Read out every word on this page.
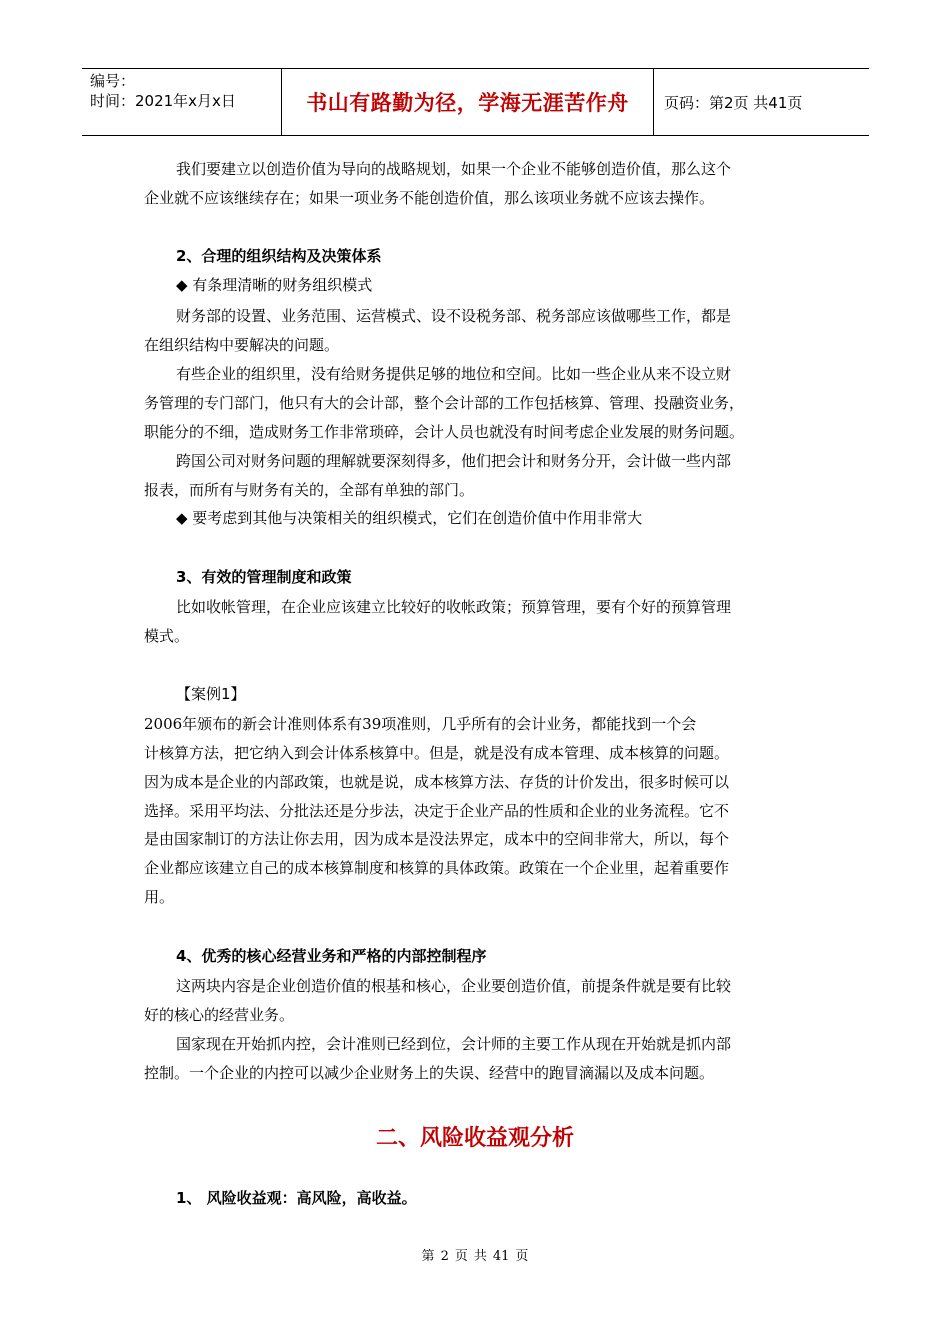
编号：
时间：2021年x月x日	书山有路勤为径，学海无涯苦作舟 页码：第2页 共41页
我们要建立以创造价值为导向的战略规划，如果一个企业不能够创造价值，那么这个
企业就不应该继续存在；如果一项业务不能创造价值，那么该项业务就不应该去操作。
2、合理的组织结构及决策体系
◆ 有条理清晰的财务组织模式
财务部的设置、业务范围、运营模式、设不设税务部、税务部应该做哪些工作，都是
在组织结构中要解决的问题。
有些企业的组织里，没有给财务提供足够的地位和空间。比如一些企业从来不设立财
务管理的专门部门，他只有大的会计部，整个会计部的工作包括核算、管理、投融资业务，
职能分的不细，造成财务工作非常琐碎，会计人员也就没有时间考虑企业发展的财务问题。
跨国公司对财务问题的理解就要深刻得多，他们把会计和财务分开，会计做一些内部
报表，而所有与财务有关的，全部有单独的部门。
◆ 要考虑到其他与决策相关的组织模式，它们在创造价值中作用非常大
3、有效的管理制度和政策
比如收帐管理，在企业应该建立比较好的收帐政策；预算管理，要有个好的预算管理
模式。
【案例1】
2006年颁布的新会计准则体系有39项准则，几乎所有的会计业务，都能找到一个会
计核算方法，把它纳入到会计体系核算中。但是，就是没有成本管理、成本核算的问题。
因为成本是企业的内部政策，也就是说，成本核算方法、存货的计价发出，很多时候可以
选择。采用平均法、分批法还是分步法，决定于企业产品的性质和企业的业务流程。它不
是由国家制订的方法让你去用，因为成本是没法界定，成本中的空间非常大，所以，每个
企业都应该建立自己的成本核算制度和核算的具体政策。政策在一个企业里，起着重要作
用。
4、优秀的核心经营业务和严格的内部控制程序
这两块内容是企业创造价值的根基和核心，企业要创造价值，前提条件就是要有比较
好的核心的经营业务。
国家现在开始抓内控，会计准则已经到位，会计师的主要工作从现在开始就是抓内部
控制。一个企业的内控可以减少企业财务上的失误、经营中的跑冒滴漏以及成本问题。
二、风险收益观分析
1、 风险收益观：高风险，高收益。
第 2 页 共 41 页
